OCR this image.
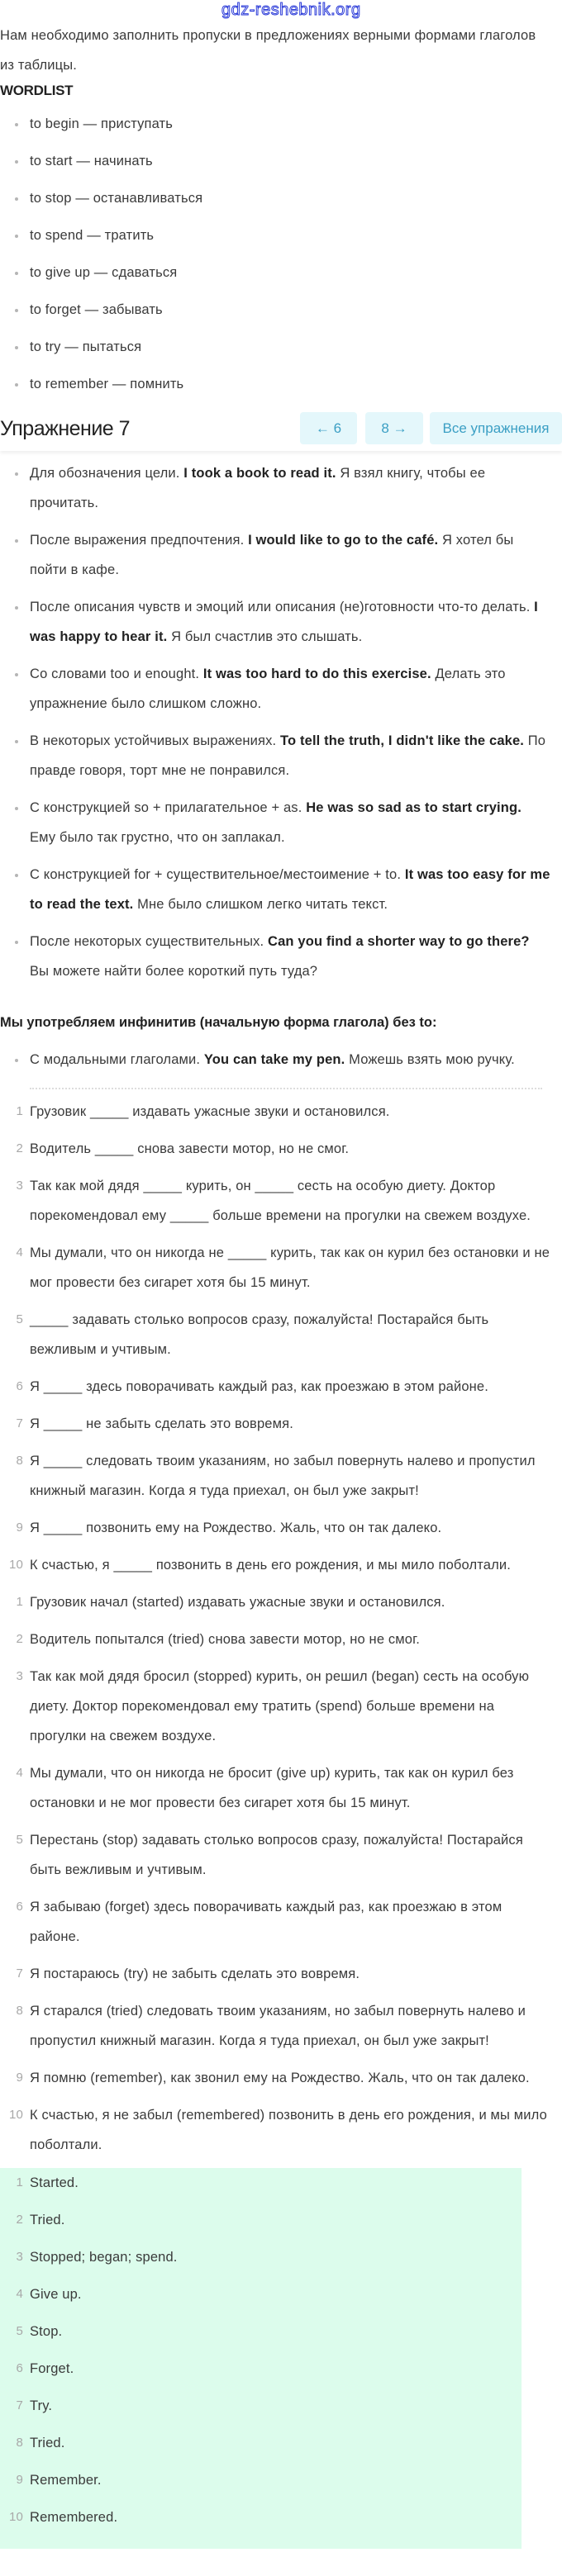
gdz-reshebnik.org
Нам необходимо заполнить пропуски в предложениях верными формами глаголов из таблицы.
WORDLIST
to begin — приступать
to start — начинать
to stop — останавливаться
to spend — тратить
to give up — сдаваться
to forget — забывать
to try — пытаться
to remember — помнить
Упражнение 7	← 6	8 →	Все упражнения
Для обозначения цели. I took a book to read it. Я взял книгу, чтобы ее прочитать.
После выражения предпочтения. I would like to go to the café. Я хотел бы пойти в кафе.
После описания чувств и эмоций или описания (не)готовности что-то делать. I was happy to hear it. Я был счастлив это слышать.
Со словами too и enought. It was too hard to do this exercise. Делать это упражнение было слишком сложно.
В некоторых устойчивых выражениях. To tell the truth, I didn't like the cake. По правде говоря, торт мне не понравился.
С конструкцией so + прилагательное + as. He was so sad as to start crying. Ему было так грустно, что он заплакал.
С конструкцией for + существительное/местоимение + to. It was too easy for me to read the text. Мне было слишком легко читать текст.
После некоторых существительных. Can you find a shorter way to go there? Вы можете найти более короткий путь туда?
Мы употребляем инфинитив (начальную форма глагола) без to:
С модальными глаголами. You can take my pen. Можешь взять мою ручку.
1 Грузовик _____ издавать ужасные звуки и остановился.
2 Водитель _____ снова завести мотор, но не смог.
3 Так как мой дядя _____ курить, он _____ сесть на особую диету. Доктор порекомендовал ему _____ больше времени на прогулки на свежем воздухе.
4 Мы думали, что он никогда не _____ курить, так как он курил без остановки и не мог провести без сигарет хотя бы 15 минут.
5 _____ задавать столько вопросов сразу, пожалуйста! Постарайся быть вежливым и учтивым.
6 Я _____ здесь поворачивать каждый раз, как проезжаю в этом районе.
7 Я _____ не забыть сделать это вовремя.
8 Я _____ следовать твоим указаниям, но забыл повернуть налево и пропустил книжный магазин. Когда я туда приехал, он был уже закрыт!
9 Я _____ позвонить ему на Рождество. Жаль, что он так далеко.
10 К счастью, я _____ позвонить в день его рождения, и мы мило поболтали.
1 Грузовик начал (started) издавать ужасные звуки и остановился.
2 Водитель попытался (tried) снова завести мотор, но не смог.
3 Так как мой дядя бросил (stopped) курить, он решил (began) сесть на особую диету. Доктор порекомендовал ему тратить (spend) больше времени на прогулки на свежем воздухе.
4 Мы думали, что он никогда не бросит (give up) курить, так как он курил без остановки и не мог провести без сигарет хотя бы 15 минут.
5 Перестань (stop) задавать столько вопросов сразу, пожалуйста! Постарайся быть вежливым и учтивым.
6 Я забываю (forget) здесь поворачивать каждый раз, как проезжаю в этом районе.
7 Я постараюсь (try) не забыть сделать это вовремя.
8 Я старался (tried) следовать твоим указаниям, но забыл повернуть налево и пропустил книжный магазин. Когда я туда приехал, он был уже закрыт!
9 Я помню (remember), как звонил ему на Рождество. Жаль, что он так далеко.
10 К счастью, я не забыл (remembered) позвонить в день его рождения, и мы мило поболтали.
1 Started.
2 Tried.
3 Stopped; began; spend.
4 Give up.
5 Stop.
6 Forget.
7 Try.
8 Tried.
9 Remember.
10 Remembered.
